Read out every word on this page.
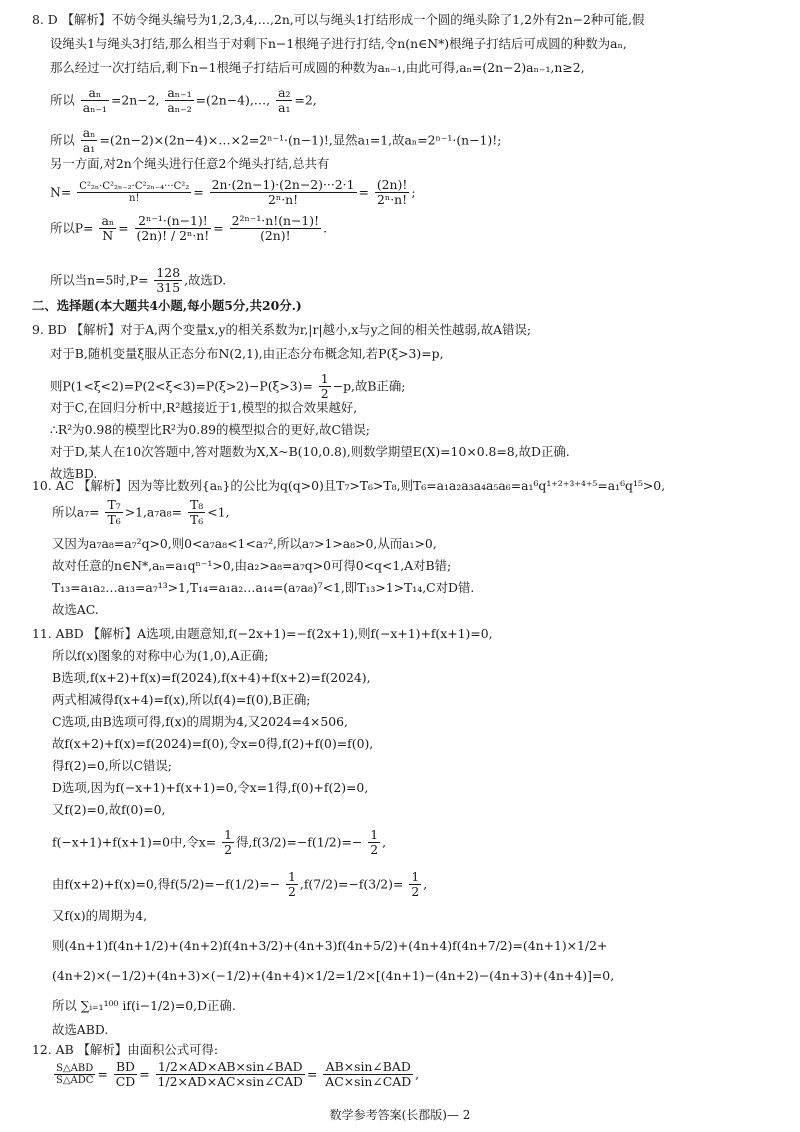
8. D 【解析】不妨令绳头编号为1,2,3,4,…,2n,可以与绳头1打结形成一个圆的绳头除了1,2外有2n−2种可能,假
设绳头1与绳头3打结,那么相当于对剩下n−1根绳子进行打结,令n(n∈N*)根绳子打结后可成圆的种数为aₙ,
那么经过一次打结后,剩下n−1根绳子打结后可成圆的种数为aₙ₋₁,由此可得,aₙ=(2n−2)aₙ₋₁,n≥2,
所以 $\frac{\text{aₙ}}{\text{aₙ₋₁}} =2n-2$, $\frac{\text{aₙ₋₁}}{\text{aₙ₋₂}}$ =(2n−4),…, $\frac{\text{a₂}}{\text{a₁}} =2$,
所以 $\frac{\text{aₙ}}{\text{a₁}}$ =(2n−2)×(2n−4)×…×2=2ⁿ⁻¹·(n−1)!,显然a₁=1,故aₙ=2ⁿ⁻¹·(n−1)!;
另一方面,对2n个绳头进行任意2个绳头打结,总共有
$N= \frac{\text{C²₂ₙ·C²₂ₙ₋₂·C²₂ₙ₋₄···C²₂}}{n!} = \frac{2n\cdot(2n-1)\cdot(2n-2)\cdot\cdot\cdot 2\cdot 1}{\text{2ⁿ·n!}} = \frac{(2n)!}{\text{2ⁿ·n!}}$ ;
所以$P= \frac{\text{aₙ}}{N} = \frac{\text{2ⁿ⁻¹·(n−1)!}}{\text{(2n)! / 2ⁿ·n!}} = \frac{\text{2²ⁿ⁻¹·n!(n−1)!}}{(2n)!}$ .
所以当n=5时$,P= \frac{128}{315}$ ,故选D.
二、选择题(本大题共4小题,每小题5分,共20分.)
9. BD 【解析】对于A,两个变量x,y的相关系数为r,|r|越小,x与y之间的相关性越弱,故A错误;
对于B,随机变量ξ服从正态分布N(2,1),由正态分布概念知,若P(ξ>3)=p,
则$P(1<\xi<2)=P(2<\xi<3)=P(\xi>2)-P(\xi>3)= \frac{1}{2} -p$,故B正确;
对于C,在回归分析中,R²越接近于1,模型的拟合效果越好,
∴R²为0.98的模型比R²为0.89的模型拟合的更好,故C错误;
对于D,某人在10次答题中,答对题数为X,X~B(10,0.8),则数学期望E(X)=10×0.8=8,故D正确.
故选BD.
10. AC 【解析】因为等比数列{aₙ}的公比为q(q>0)且T₇>T₆>T₈,则T₆=a₁a₂a₃a₄a₅a₆=a₁⁶q¹⁺²⁺³⁺⁴⁺⁵=a₁⁶q¹⁵>0,
所以$a_7= \frac{\text{T₇}}{\text{T₆}} >1,a_7a_8= \frac{\text{T₈}}{\text{T₆}} <1$,
又因为a₇a₈=a₇²q>0,则0<a₇a₈<1<a₇²,所以a₇>1>a₈>0,从而a₁>0,
故对任意的n∈N*,aₙ=a₁qⁿ⁻¹>0,由a₂>a₈=a₇q>0可得0<q<1,A对B错;
T₁₃=a₁a₂…a₁₃=a₇¹³>1,T₁₄=a₁a₂…a₁₄=(a₇a₈)⁷<1,即T₁₃>1>T₁₄,C对D错.
故选AC.
11. ABD 【解析】A选项,由题意知,f(−2x+1)=−f(2x+1),则f(−x+1)+f(x+1)=0,
所以f(x)图象的对称中心为(1,0),A正确;
B选项,f(x+2)+f(x)=f(2024),f(x+4)+f(x+2)=f(2024),
两式相减得f(x+4)=f(x),所以f(4)=f(0),B正确;
C选项,由B选项可得,f(x)的周期为4,又2024=4×506,
故f(x+2)+f(x)=f(2024)=f(0),令x=0得,f(2)+f(0)=f(0),
得f(2)=0,所以C错误;
D选项,因为f(−x+1)+f(x+1)=0,令x=1得,f(0)+f(2)=0,
又f(2)=0,故f(0)=0,
f(−x+1)+f(x+1)=0中,令$x= \frac{1}{2}$ 得$,f(3/2)=-f(1/2)=- \frac{1}{2}$ ,
由f(x+2)+f(x)=0,得$f(5/2)=-f(1/2)=- \frac{1}{2} ,f(7/2)=-f(3/2)= \frac{1}{2}$ ,
又f(x)的周期为4,
则(4n+1)f(4n+1/2)+(4n+2)f(4n+3/2)+(4n+3)f(4n+5/2)+(4n+4)f(4n+7/2)=(4n+1)×1/2+
(4n+2)×(−1/2)+(4n+3)×(−1/2)+(4n+4)×1/2=1/2×[(4n+1)−(4n+2)−(4n+3)+(4n+4)]=0,
所以 ∑ᵢ₌₁¹⁰⁰ if(i−1/2)=0,D正确.
故选ABD.
12. AB 【解析】由面积公式可得:
$\frac{\text{S△ABD}}{\text{S△ADC}} = \frac{BD}{CD} = \frac{\text{1/2×AD×AB×sin∠BAD}}{\text{1/2×AD×AC×sin∠CAD}} = \frac{\text{AB×sin∠BAD}}{\text{AC×sin∠CAD}}$ ,
数学参考答案(长郡版)— 2
